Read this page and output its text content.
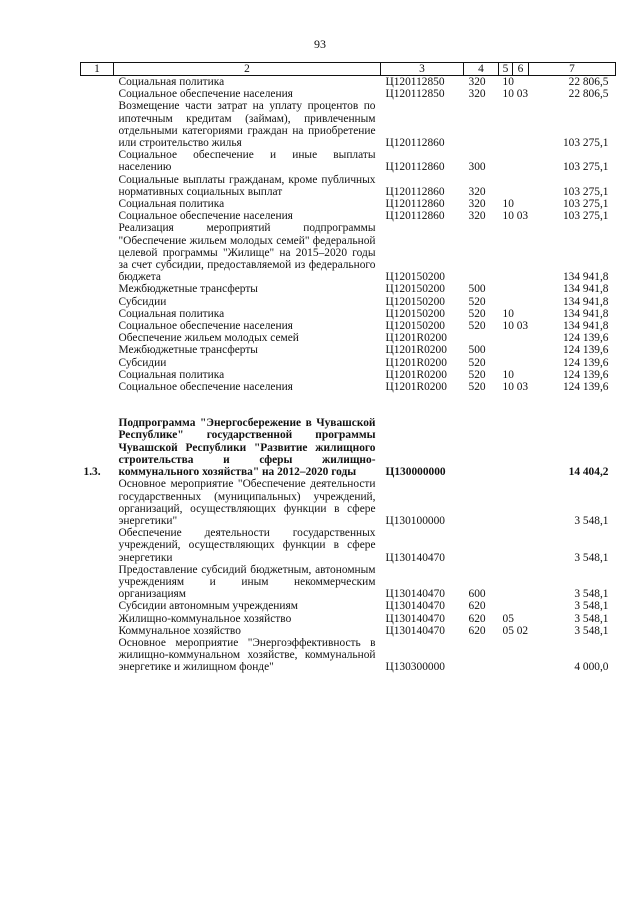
93
1	2	3	4	5	6	7
	Социальная политика	Ц120112850	320	10		22 806,5
	Социальное обеспечение населения	Ц120112850	320	10 03		22 806,5
	Возмещение части затрат на уплату процентов по ипотечным кредитам (займам), привлеченным отдельными категориями граждан на приобретение или строительство жилья	Ц120112860				103 275,1
	Социальное обеспечение и иные выплаты населению	Ц120112860	300			103 275,1
	Социальные выплаты гражданам, кроме публичных нормативных социальных выплат	Ц120112860	320			103 275,1
	Социальная политика	Ц120112860	320	10		103 275,1
	Социальное обеспечение населения	Ц120112860	320	10 03		103 275,1
	Реализация мероприятий подпрограммы "Обеспечение жильем молодых семей" федеральной целевой программы "Жилище" на 2015–2020 годы за счет субсидии, предоставляемой из федерального бюджета	Ц120150200				134 941,8
	Межбюджетные трансферты	Ц120150200	500			134 941,8
	Субсидии	Ц120150200	520			134 941,8
	Социальная политика	Ц120150200	520	10		134 941,8
	Социальное обеспечение населения	Ц120150200	520	10 03		134 941,8
	Обеспечение жильем молодых семей	Ц1201R0200				124 139,6
	Межбюджетные трансферты	Ц1201R0200	500			124 139,6
	Субсидии	Ц1201R0200	520			124 139,6
	Социальная политика	Ц1201R0200	520	10		124 139,6
	Социальное обеспечение населения	Ц1201R0200	520	10 03		124 139,6

1.3.	Подпрограмма "Энергосбережение в Чувашской Республике" государственной программы Чувашской Республики "Развитие жилищного строительства и сферы жилищно-коммунального хозяйства" на 2012–2020 годы	Ц130000000				14 404,2
	Основное мероприятие "Обеспечение деятельности государственных (муниципальных) учреждений, организаций, осуществляющих функции в сфере энергетики"	Ц130100000				3 548,1
	Обеспечение деятельности государственных учреждений, осуществляющих функции в сфере энергетики	Ц130140470				3 548,1
	Предоставление субсидий бюджетным, автономным учреждениям и иным некоммерческим организациям	Ц130140470	600			3 548,1
	Субсидии автономным учреждениям	Ц130140470	620			3 548,1
	Жилищно-коммунальное хозяйство	Ц130140470	620	05		3 548,1
	Коммунальное хозяйство	Ц130140470	620	05 02		3 548,1
	Основное мероприятие "Энергоэффективность в жилищно-коммунальном хозяйстве, коммунальной энергетике и жилищном фонде"	Ц130300000				4 000,0
